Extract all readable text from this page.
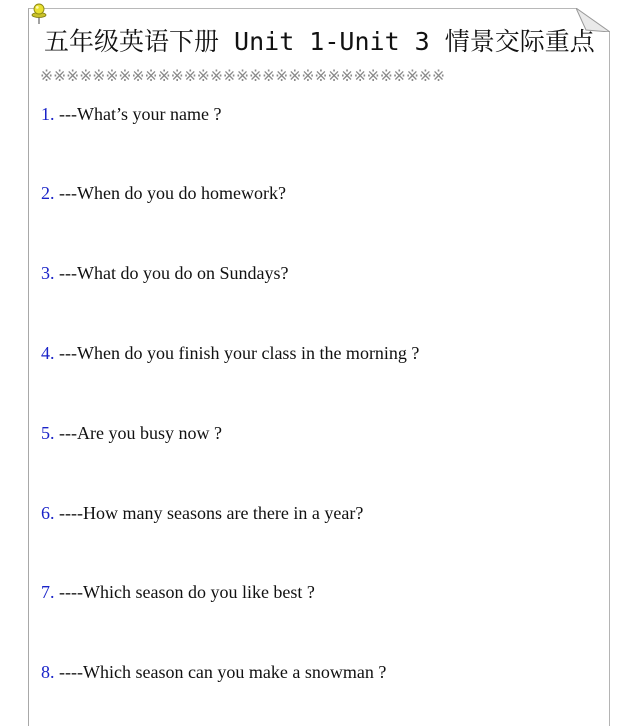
五年级英语下册 Unit 1-Unit 3 情景交际重点
※※※※※※※※※※※※※※※※※※※※※※※※※※※※※※※
1. ---What’s your name ?
2. ---When do you do homework?
3. ---What do you do on Sundays?
4. ---When do you finish your class in the morning ?
5. ---Are you busy now ?
6. ----How many seasons are there in a year?
7. ----Which season do you like best ?
8. ----Which season can you make a snowman ?
